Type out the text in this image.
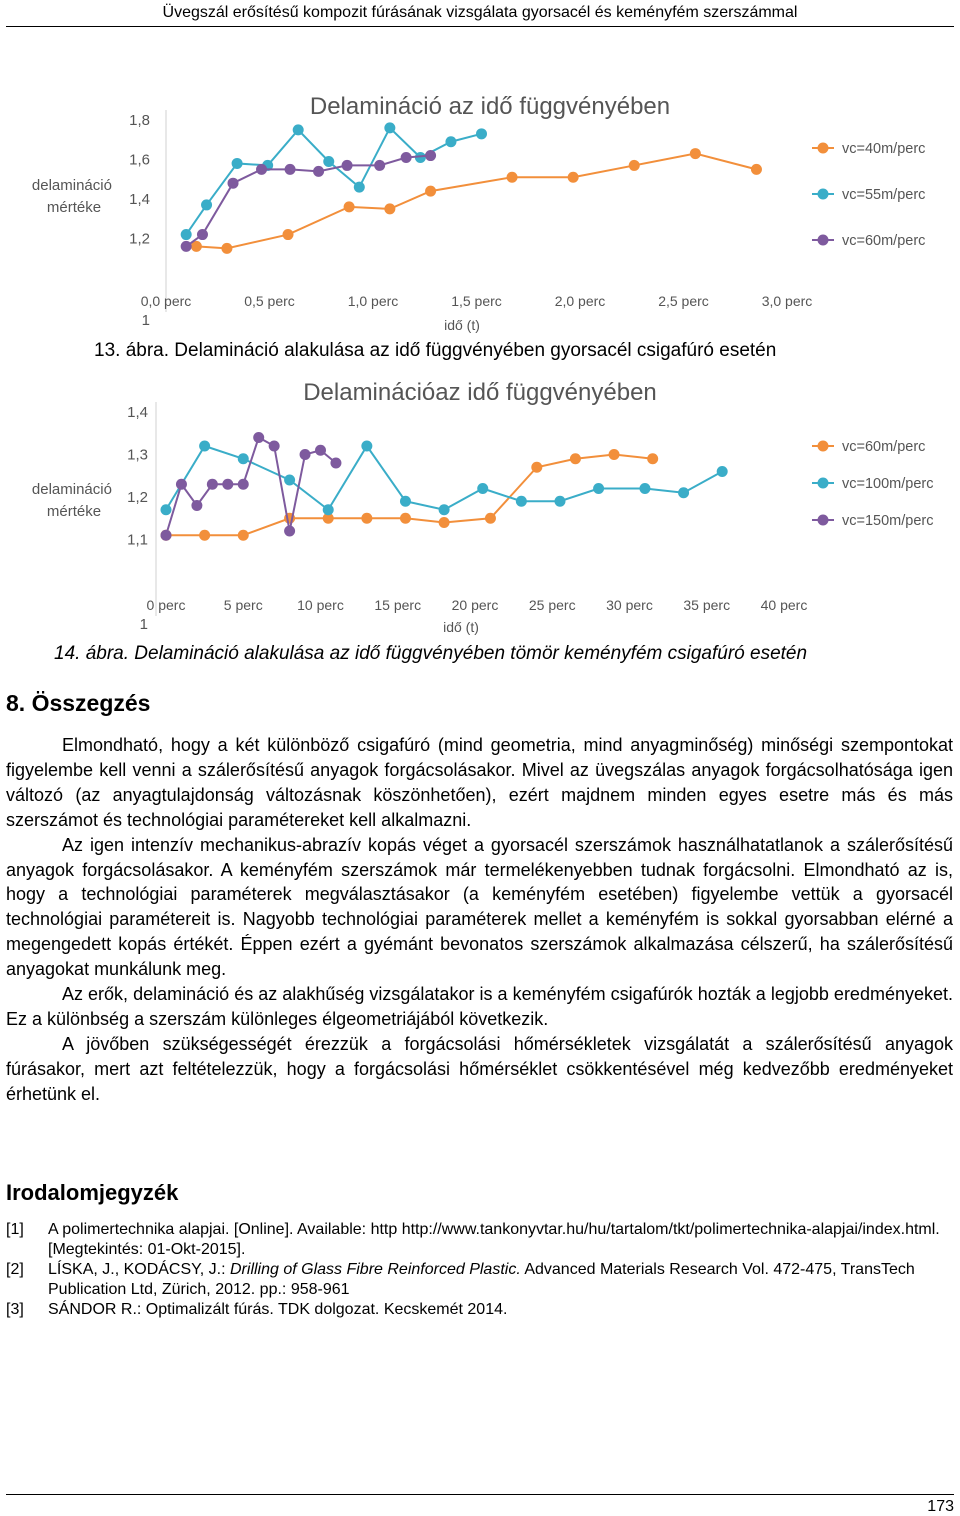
Üvegszál erősítésű kompozit fúrásának vizsgálata gyorsacél és keményfém szerszámmal
Delamináció az idő függvényében
delamináció mértéke
idő (t)
1
1,2
1,4
1,6
1,8
0,0 perc	0,5 perc	1,0 perc	1,5 perc	2,0 perc	2,5 perc	3,0 perc
vc=40m/perc
vc=55m/perc
vc=60m/perc
13. ábra. Delamináció alakulása az idő függvényében gyorsacél csigafúró esetén
Delaminációaz idő függvényében
delamináció mértéke
idő (t)
1
1,1
1,2
1,3
1,4
0 perc	5 perc 10 perc 15 perc 20 perc 25 perc 30 perc 35 perc 40 perc
vc=60m/perc
vc=100m/perc
vc=150m/perc
14. ábra. Delamináció alakulása az idő függvényében tömör keményfém csigafúró esetén
8. Összegzés

Elmondható, hogy a két különböző csigafúró (mind geometria, mind anyagminőség) minőségi szempontokat figyelembe kell venni a szálerősítésű anyagok forgácsolásakor. Mivel az üvegszálas anyagok forgácsolhatósága igen változó (az anyagtulajdonság változásnak köszönhetően), ezért majdnem minden egyes esetre más és más szerszámot és technológiai paramétereket kell alkalmazni.

Az igen intenzív mechanikus-abrazív kopás véget a gyorsacél szerszámok használhatatlanok a szálerősítésű anyagok forgácsolásakor. A keményfém szerszámok már termelékenyebben tudnak forgácsolni. Elmondható az is, hogy a technológiai paraméterek megválasztásakor (a keményfém esetében) figyelembe vettük a gyorsacél technológiai paramétereit is. Nagyobb technológiai paraméterek mellet a keményfém is sokkal gyorsabban elérné a megengedett kopás értékét. Éppen ezért a gyémánt bevonatos szerszámok alkalmazása célszerű, ha szálerősítésű anyagokat munkálunk meg.

Az erők, delamináció és az alakhűség vizsgálatakor is a keményfém csigafúrók hozták a legjobb eredményeket. Ez a különbség a szerszám különleges élgeometriájából következik.

A jövőben szükségességét érezzük a forgácsolási hőmérsékletek vizsgálatát a szálerősítésű anyagok fúrásakor, mert azt feltételezzük, hogy a forgácsolási hőmérséklet csökkentésével még kedvezőbb eredményeket érhetünk el.

Irodalomjegyzék
[1]	A polimertechnika alapjai. [Online]. Available: http http://www.tankonyvtar.hu/hu/tartalom/tkt/polimertechnika-alapjai/index.html. [Megtekintés: 01-Okt-2015].
[2]	LÍSKA, J., KODÁCSY, J.: Drilling of Glass Fibre Reinforced Plastic. Advanced Materials Research Vol. 472-475, TransTech Publication Ltd, Zürich, 2012. pp.: 958-961
[3]	SÁNDOR R.: Optimalizált fúrás. TDK dolgozat. Kecskemét 2014.
173
